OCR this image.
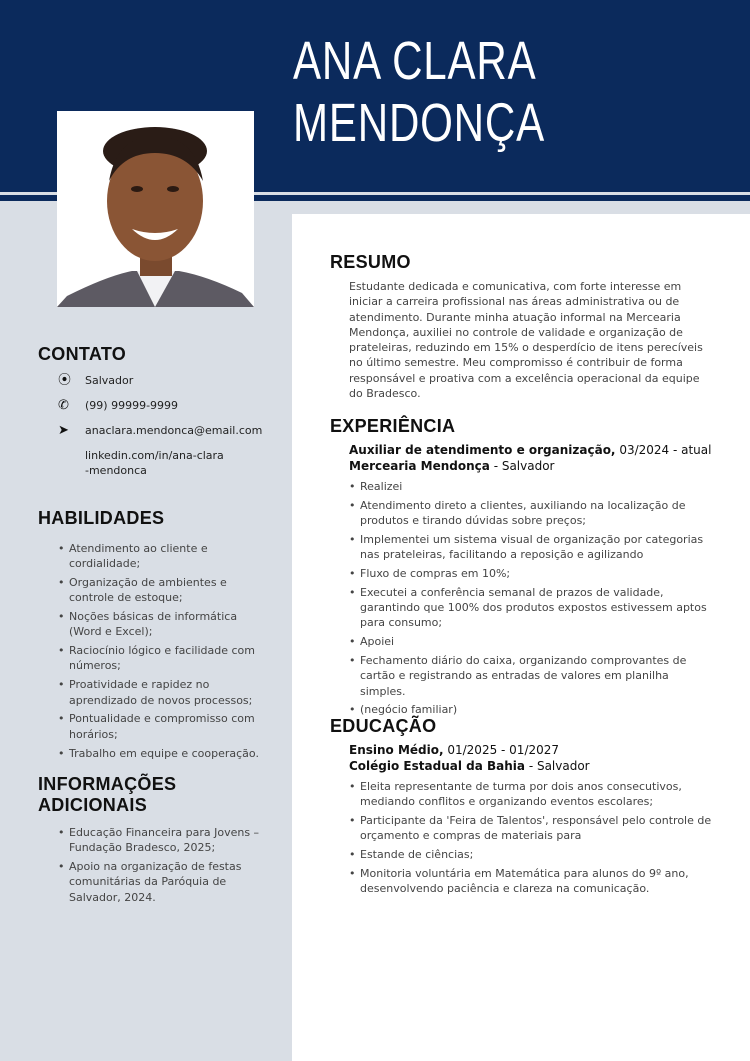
ANA CLARA
MENDONÇA
CONTATO
⦿	Salvador
✆	(99) 99999-9999
➤	anaclara.mendonca@email.com
linkedin.com/in/ana-clara-mendonca
HABILIDADES
• Atendimento ao cliente e cordialidade;
• Organização de ambientes e controle de estoque;
• Noções básicas de informática (Word e Excel);
• Raciocínio lógico e facilidade com números;
• Proatividade e rapidez no aprendizado de novos processos;
• Pontualidade e compromisso com horários;
• Trabalho em equipe e cooperação.
INFORMAÇÕES ADICIONAIS
• Educação Financeira para Jovens – Fundação Bradesco, 2025;
• Apoio na organização de festas comunitárias da Paróquia de Salvador, 2024.
RESUMO

Estudante dedicada e comunicativa, com forte interesse em iniciar a carreira profissional nas áreas administrativa ou de atendimento. Durante minha atuação informal na Mercearia Mendonça, auxiliei no controle de validade e organização de prateleiras, reduzindo em 15% o desperdício de itens perecíveis no último semestre. Meu compromisso é contribuir de forma responsável e proativa com a excelência operacional da equipe do Bradesco.

EXPERIÊNCIA
Auxiliar de atendimento e organização, 03/2024 - atual
Mercearia Mendonça - Salvador
• Realizei
• Atendimento direto a clientes, auxiliando na localização de produtos e tirando dúvidas sobre preços;
• Implementei um sistema visual de organização por categorias nas prateleiras, facilitando a reposição e agilizando
• Fluxo de compras em 10%;
• Executei a conferência semanal de prazos de validade, garantindo que 100% dos produtos expostos estivessem aptos para consumo;
• Apoiei
• Fechamento diário do caixa, organizando comprovantes de cartão e registrando as entradas de valores em planilha simples.
• (negócio familiar)
EDUCAÇÃO
Ensino Médio, 01/2025 - 01/2027
Colégio Estadual da Bahia - Salvador
• Eleita representante de turma por dois anos consecutivos, mediando conflitos e organizando eventos escolares;
• Participante da 'Feira de Talentos', responsável pelo controle de orçamento e compras de materiais para
• Estande de ciências;
• Monitoria voluntária em Matemática para alunos do 9º ano, desenvolvendo paciência e clareza na comunicação.
